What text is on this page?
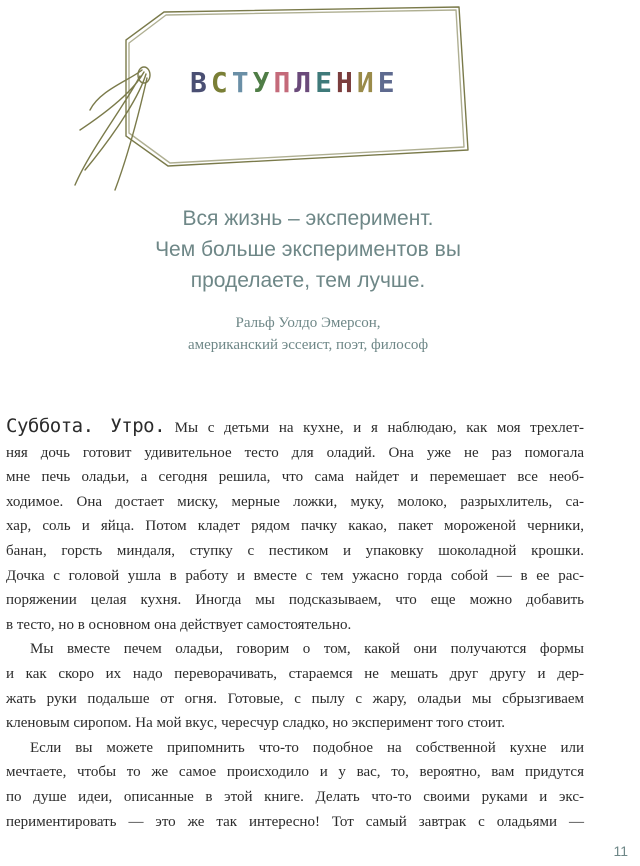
ВСТУПЛЕНИЕ
Вся жизнь – эксперимент.
Чем больше экспериментов вы
проделаете, тем лучше.
Ральф Уолдо Эмерсон,
американский эссеист, поэт, философ
Суббота. Утро. Мы с детьми на кухне, и я наблюдаю, как моя трехлет-
няя дочь готовит удивительное тесто для оладий. Она уже не раз помогала
мне печь оладьи, а сегодня решила, что сама найдет и перемешает все необ-
ходимое. Она достает миску, мерные ложки, муку, молоко, разрыхлитель, са-
хар, соль и яйца. Потом кладет рядом пачку какао, пакет мороженой черники,
банан, горсть миндаля, ступку с пестиком и упаковку шоколадной крошки.
Дочка с головой ушла в работу и вместе с тем ужасно горда собой — в ее рас-
поряжении целая кухня. Иногда мы подсказываем, что еще можно добавить
в тесто, но в основном она действует самостоятельно.
Мы вместе печем оладьи, говорим о том, какой они получаются формы
и как скоро их надо переворачивать, стараемся не мешать друг другу и дер-
жать руки подальше от огня. Готовые, с пылу с жару, оладьи мы сбрызгиваем
кленовым сиропом. На мой вкус, чересчур сладко, но эксперимент того стоит.
Если вы можете припомнить что-то подобное на собственной кухне или
мечтаете, чтобы то же самое происходило и у вас, то, вероятно, вам придутся
по душе идеи, описанные в этой книге. Делать что-то своими руками и экс-
периментировать — это же так интересно! Тот самый завтрак с оладьями —
11
